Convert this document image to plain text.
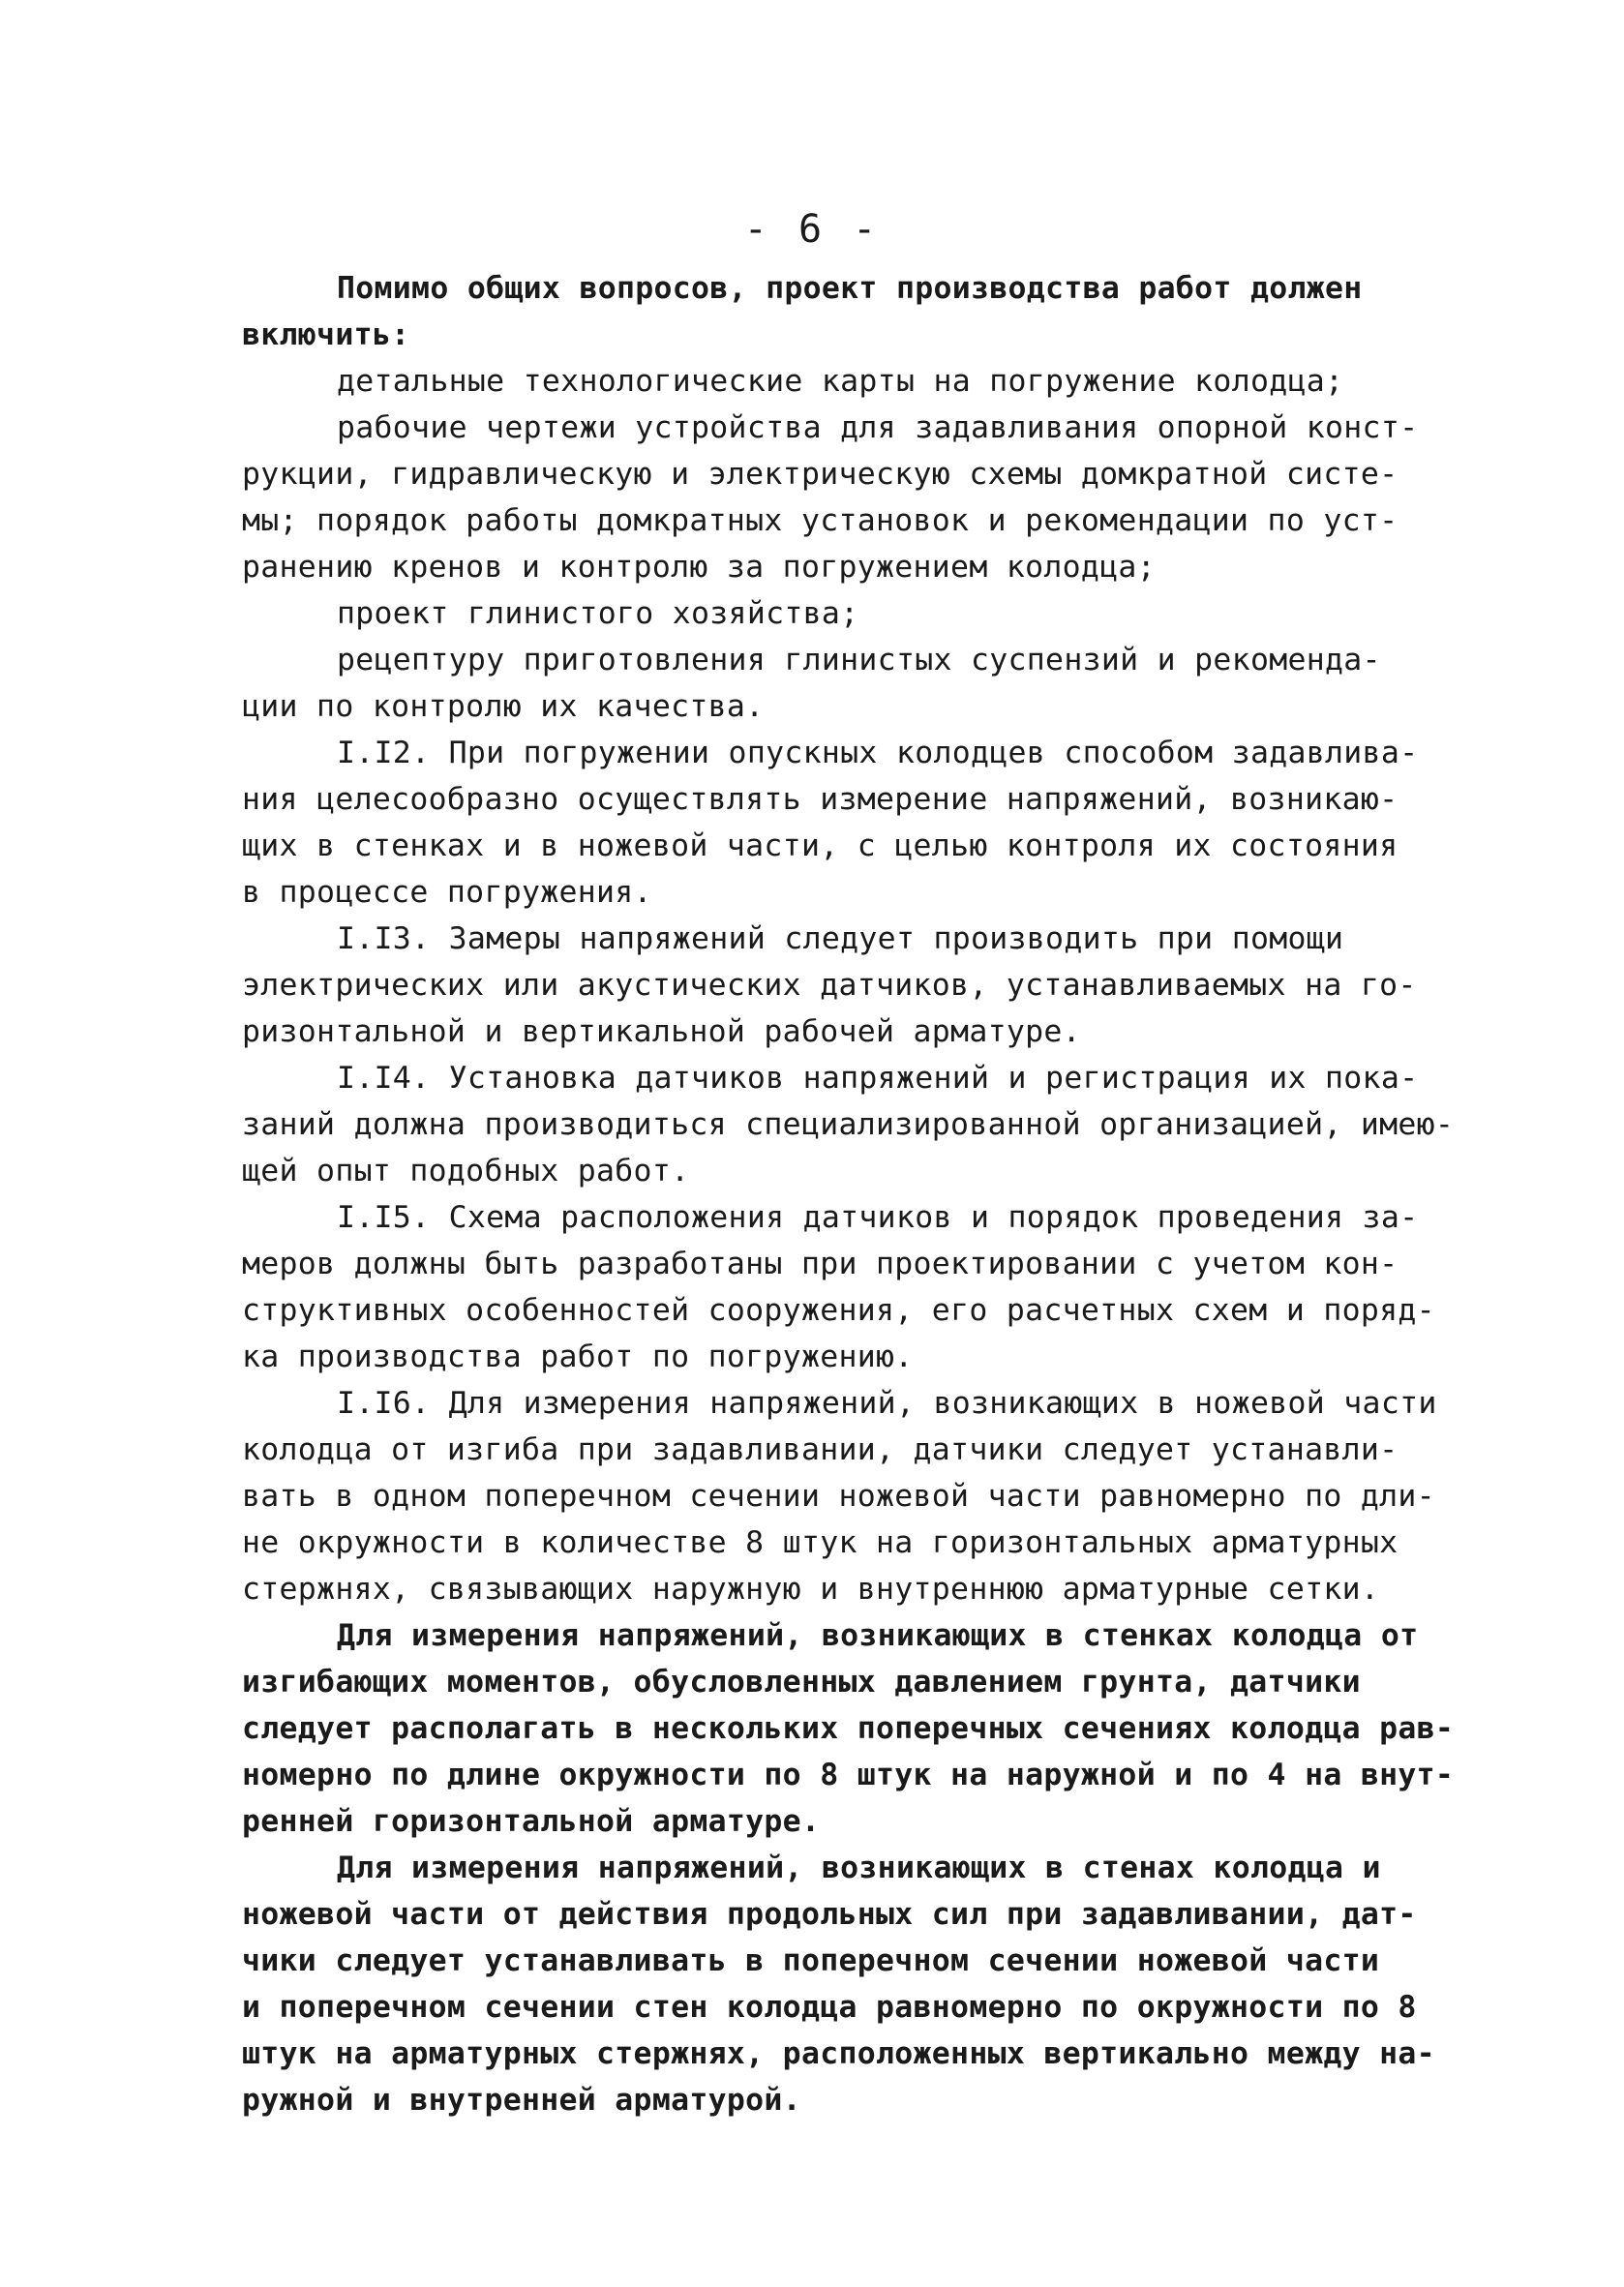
- 6 -
Помимо общих вопросов, проект производства работ должен
включить:
детальные технологические карты на погружение колодца;
рабочие чертежи устройства для задавливания опорной конст-
рукции, гидравлическую и электрическую схемы домкратной систе-
мы; порядок работы домкратных установок и рекомендации по уст-
ранению кренов и контролю за погружением колодца;
проект глинистого хозяйства;
рецептуру приготовления глинистых суспензий и рекоменда-
ции по контролю их качества.
I.I2. При погружении опускных колодцев способом задавлива-
ния целесообразно осуществлять измерение напряжений, возникаю-
щих в стенках и в ножевой части, с целью контроля их состояния
в процессе погружения.
I.I3. Замеры напряжений следует производить при помощи
электрических или акустических датчиков, устанавливаемых на го-
ризонтальной и вертикальной рабочей арматуре.
I.I4. Установка датчиков напряжений и регистрация их пока-
заний должна производиться специализированной организацией, имею-
щей опыт подобных работ.
I.I5. Схема расположения датчиков и порядок проведения за-
меров должны быть разработаны при проектировании с учетом кон-
структивных особенностей сооружения, его расчетных схем и поряд-
ка производства работ по погружению.
I.I6. Для измерения напряжений, возникающих в ножевой части
колодца от изгиба при задавливании, датчики следует устанавли-
вать в одном поперечном сечении ножевой части равномерно по дли-
не окружности в количестве 8 штук на горизонтальных арматурных
стержнях, связывающих наружную и внутреннюю арматурные сетки.
Для измерения напряжений, возникающих в стенках колодца от
изгибающих моментов, обусловленных давлением грунта, датчики
следует располагать в нескольких поперечных сечениях колодца рав-
номерно по длине окружности по 8 штук на наружной и по 4 на внут-
ренней горизонтальной арматуре.
Для измерения напряжений, возникающих в стенах колодца и
ножевой части от действия продольных сил при задавливании, дат-
чики следует устанавливать в поперечном сечении ножевой части
и поперечном сечении стен колодца равномерно по окружности по 8
штук на арматурных стержнях, расположенных вертикально между на-
ружной и внутренней арматурой.
